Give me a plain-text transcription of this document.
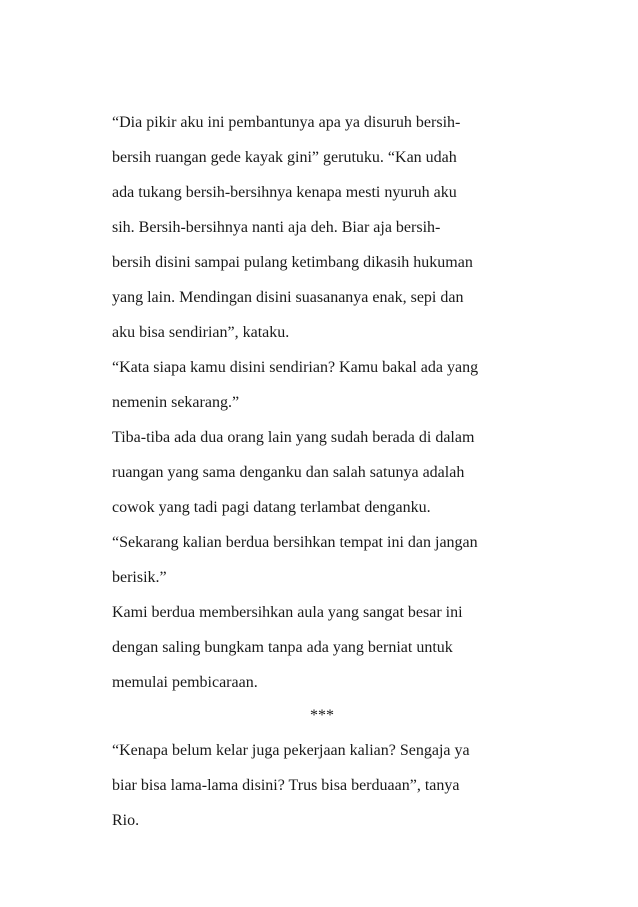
“Dia pikir aku ini pembantunya apa ya disuruh bersih-
bersih ruangan gede kayak gini” gerutuku. “Kan udah
ada tukang bersih-bersihnya kenapa mesti nyuruh aku
sih. Bersih-bersihnya nanti aja deh. Biar aja bersih-
bersih disini sampai pulang ketimbang dikasih hukuman
yang lain. Mendingan disini suasananya enak, sepi dan
aku bisa sendirian”, kataku.
“Kata siapa kamu disini sendirian? Kamu bakal ada yang
nemenin sekarang.”
Tiba-tiba ada dua orang lain yang sudah berada di dalam
ruangan yang sama denganku dan salah satunya adalah
cowok yang tadi pagi datang terlambat denganku.
“Sekarang kalian berdua bersihkan tempat ini dan jangan
berisik.”
Kami berdua membersihkan aula yang sangat besar ini
dengan saling bungkam tanpa ada yang berniat untuk
memulai pembicaraan.
***
“Kenapa belum kelar juga pekerjaan kalian? Sengaja ya
biar bisa lama-lama disini? Trus bisa berduaan”, tanya
Rio.
